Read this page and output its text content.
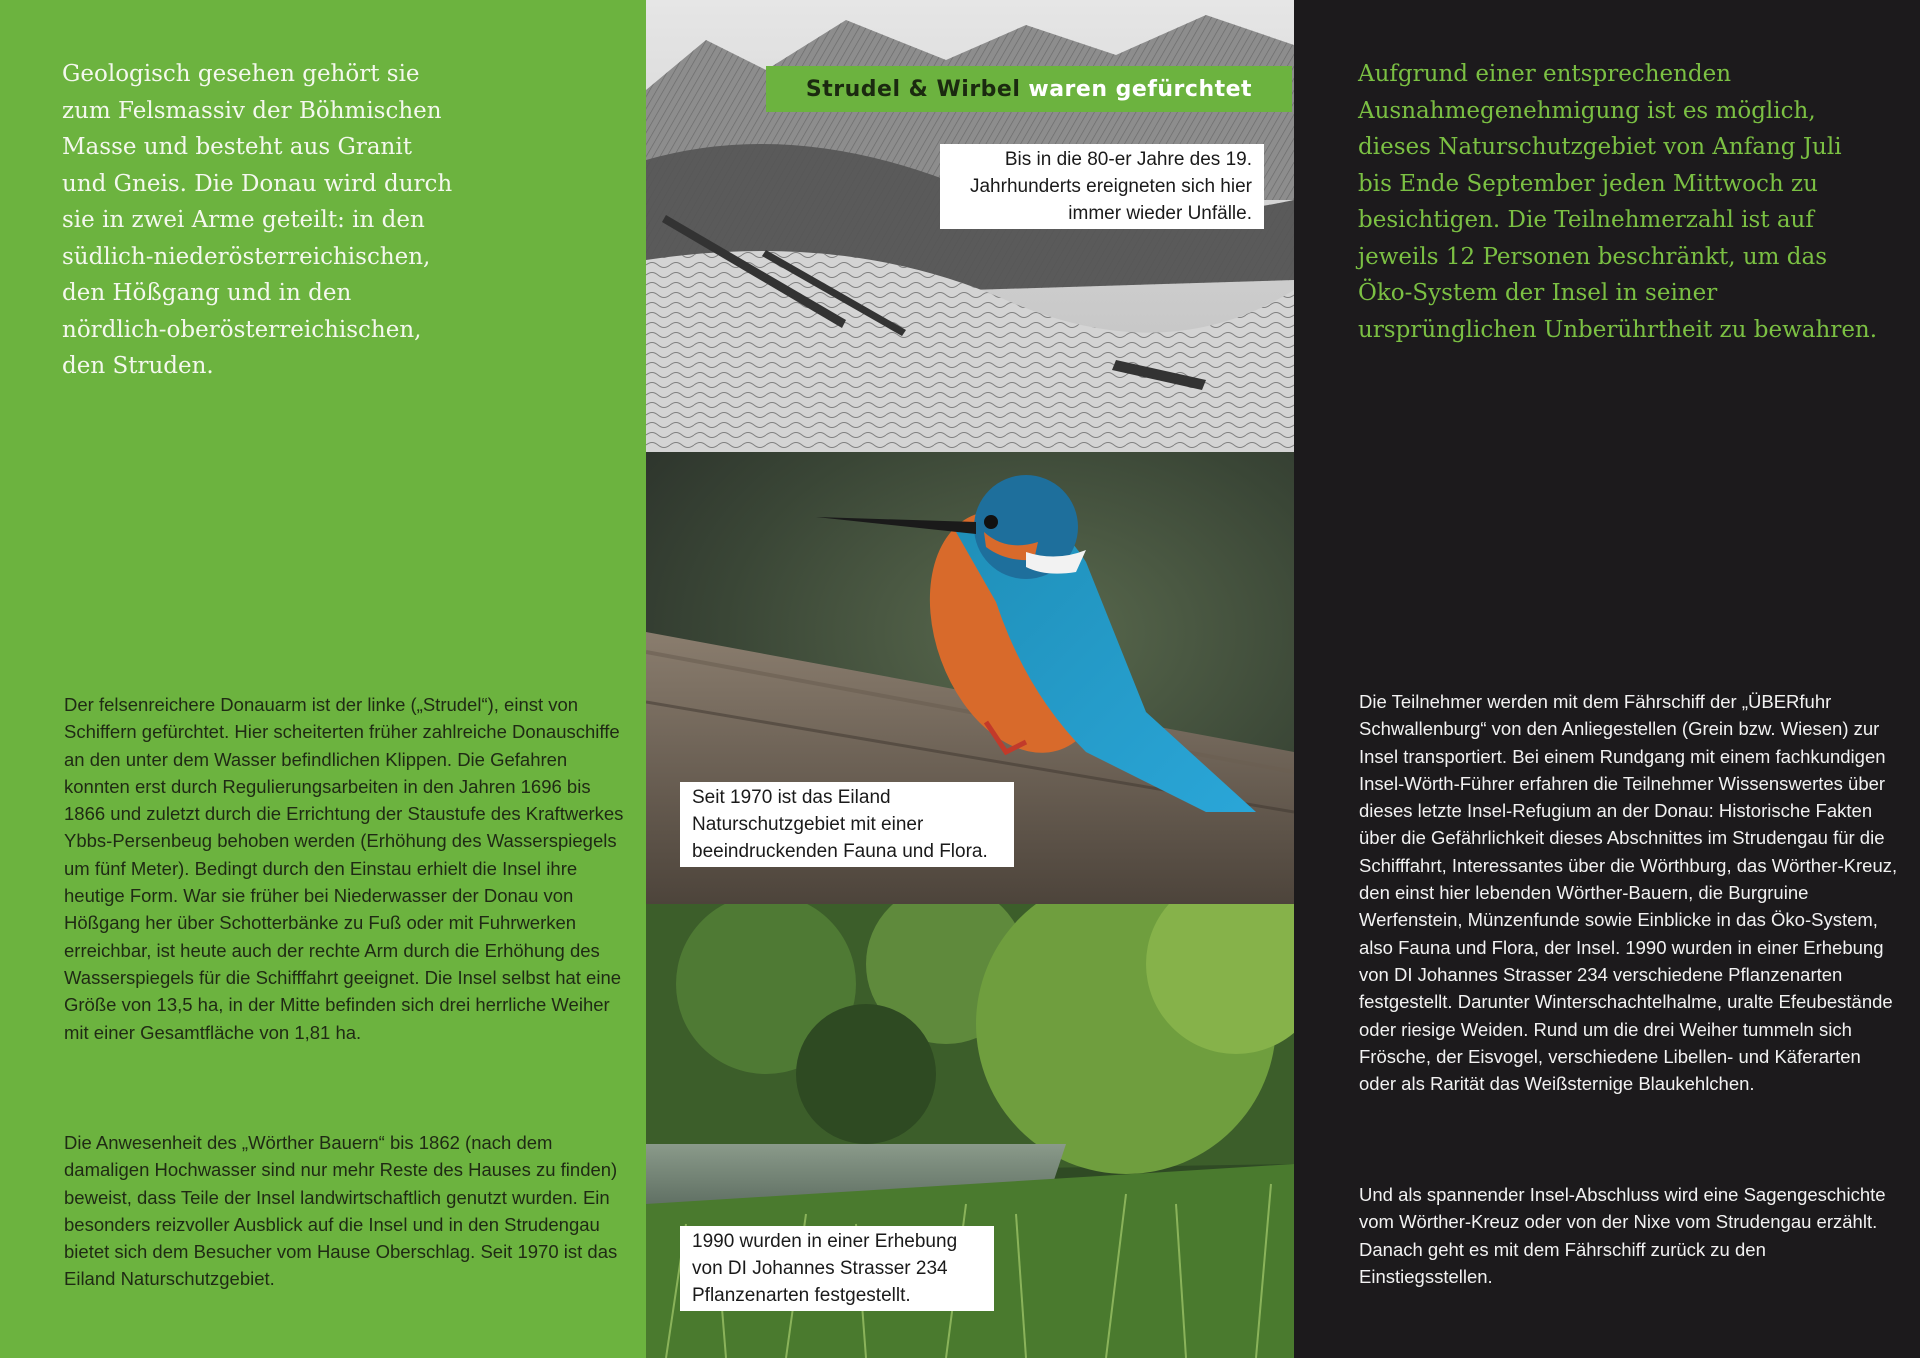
Geologisch gesehen gehört sie zum Felsmassiv der Böhmischen Masse und besteht aus Granit und Gneis. Die Donau wird durch sie in zwei Arme geteilt: in den südlich-niederösterreichischen, den Hößgang und in den nördlich-oberösterreichischen, den Struden.

Der felsenreichere Donauarm ist der linke („Strudel“), einst von Schiffern gefürchtet. Hier scheiterten früher zahlreiche Donauschiffe an den unter dem Wasser befindlichen Klippen. Die Gefahren konnten erst durch Regulierungsarbeiten in den Jahren 1696 bis 1866 und zuletzt durch die Errichtung der Staustufe des Kraftwerkes Ybbs-Persenbeug behoben werden (Erhöhung des Wasserspiegels um fünf Meter). Bedingt durch den Einstau erhielt die Insel ihre heutige Form. War sie früher bei Niederwasser der Donau von Hößgang her über Schotterbänke zu Fuß oder mit Fuhrwerken erreichbar, ist heute auch der rechte Arm durch die Erhöhung des Wasserspiegels für die Schifffahrt geeignet. Die Insel selbst hat eine Größe von 13,5 ha, in der Mitte befinden sich drei herrliche Weiher mit einer Gesamtfläche von 1,81 ha.

Die Anwesenheit des „Wörther Bauern“ bis 1862 (nach dem damaligen Hochwasser sind nur mehr Reste des Hauses zu finden) beweist, dass Teile der Insel landwirtschaftlich genutzt wurden. Ein besonders reizvoller Ausblick auf die Insel und in den Strudengau bietet sich dem Besucher vom Hause Oberschlag. Seit 1970 ist das Eiland Naturschutzgebiet.

Strudel & Wirbel waren gefürchtet

Bis in die 80-er Jahre des 19. Jahrhunderts ereigneten sich hier immer wieder Unfälle.

Seit 1970 ist das Eiland Naturschutzgebiet mit einer beeindruckenden Fauna und Flora.

1990 wurden in einer Erhebung von DI Johannes Strasser 234 Pflanzenarten festgestellt.

Aufgrund einer entsprechenden Ausnahmegenehmigung ist es möglich, dieses Naturschutzgebiet von Anfang Juli bis Ende September jeden Mittwoch zu besichtigen. Die Teilnehmerzahl ist auf jeweils 12 Personen beschränkt, um das Öko-System der Insel in seiner ursprünglichen Unberührtheit zu bewahren.

Die Teilnehmer werden mit dem Fährschiff der „ÜBERfuhr Schwallenburg“ von den Anliegestellen (Grein bzw. Wiesen) zur Insel transportiert. Bei einem Rundgang mit einem fachkundigen Insel-Wörth-Führer erfahren die Teilnehmer Wissenswertes über dieses letzte Insel-Refugium an der Donau: Historische Fakten über die Gefährlichkeit dieses Abschnittes im Strudengau für die Schifffahrt, Interessantes über die Wörthburg, das Wörther-Kreuz, den einst hier lebenden Wörther-Bauern, die Burgruine Werfenstein, Münzenfunde sowie Einblicke in das Öko-System, also Fauna und Flora, der Insel. 1990 wurden in einer Erhebung von DI Johannes Strasser 234 verschiedene Pflanzenarten festgestellt. Darunter Winterschachtelhalme, uralte Efeubestände oder riesige Weiden. Rund um die drei Weiher tummeln sich Frösche, der Eisvogel, verschiedene Libellen- und Käferarten oder als Rarität das Weißsternige Blaukehlchen.

Und als spannender Insel-Abschluss wird eine Sagengeschichte vom Wörther-Kreuz oder von der Nixe vom Strudengau erzählt. Danach geht es mit dem Fährschiff zurück zu den Einstiegsstellen.
